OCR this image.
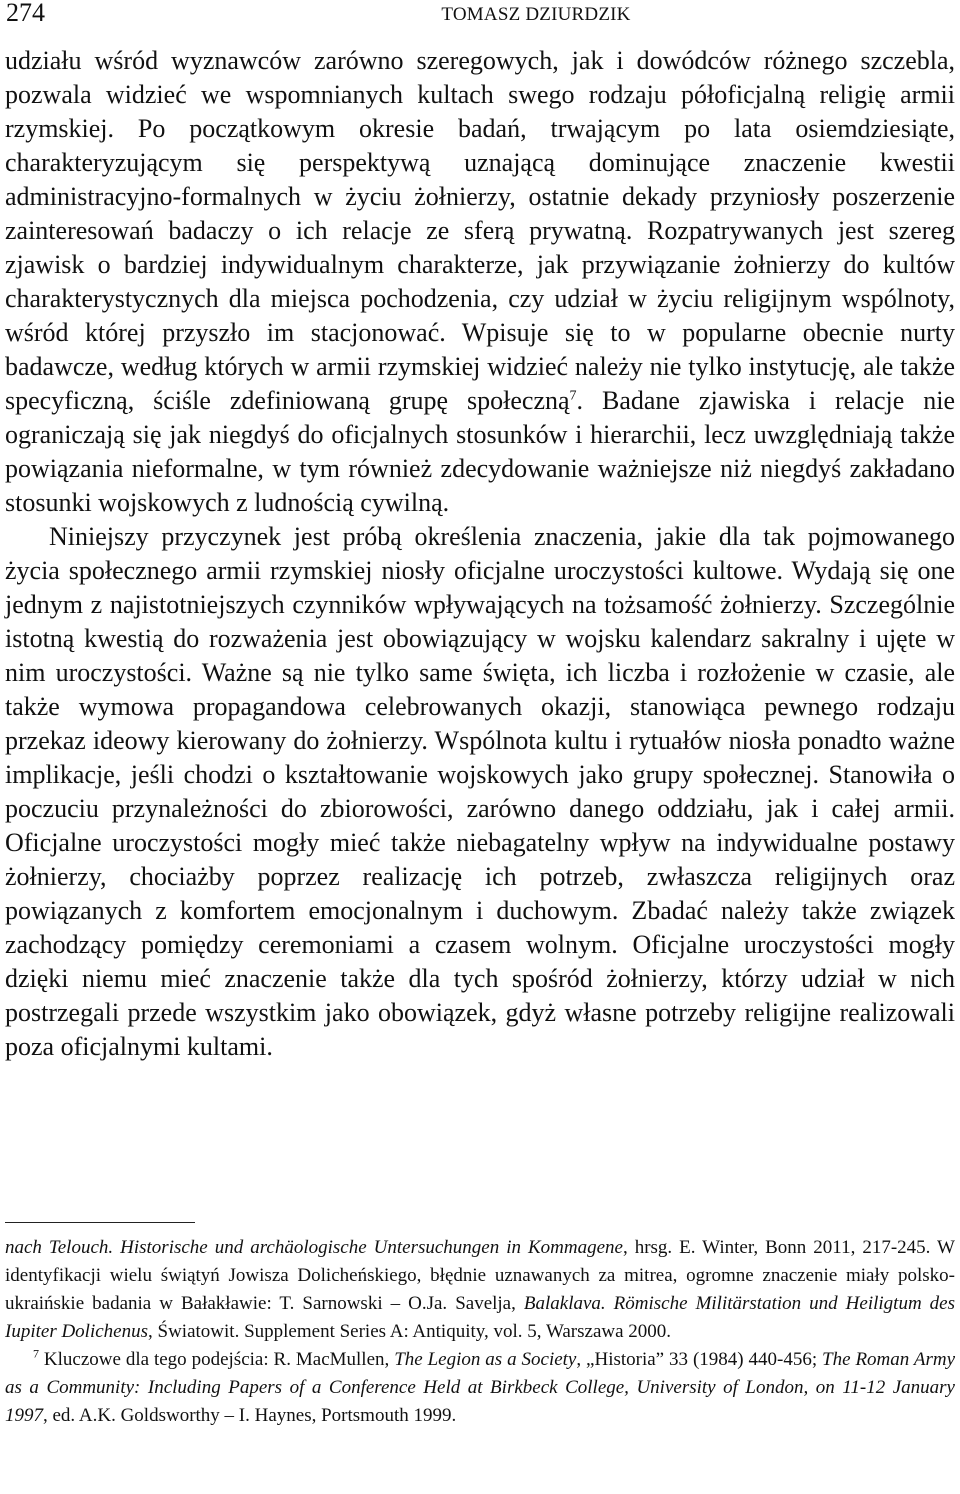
274	TOMASZ DZIURDZIK

udziału wśród wyznawców zarówno szeregowych, jak i dowódców różnego szczebla, pozwala widzieć we wspomnianych kultach swego rodzaju półoficjalną religię armii rzymskiej. Po początkowym okresie badań, trwającym po lata osiemdziesiąte, charakteryzującym się perspektywą uznającą dominujące znaczenie kwestii administracyjno-formalnych w życiu żołnierzy, ostatnie dekady przyniosły poszerzenie zainteresowań badaczy o ich relacje ze sferą prywatną. Rozpatrywanych jest szereg zjawisk o bardziej indywidualnym charakterze, jak przywiązanie żołnierzy do kultów charakterystycznych dla miejsca pochodzenia, czy udział w życiu religijnym wspólnoty, wśród której przyszło im stacjonować. Wpisuje się to w popularne obecnie nurty badawcze, według których w armii rzymskiej widzieć należy nie tylko instytucję, ale także specyficzną, ściśle zdefiniowaną grupę społeczną$^7$. Badane zjawiska i relacje nie ograniczają się jak niegdyś do oficjalnych stosunków i hierarchii, lecz uwzględniają także powiązania nieformalne, w tym również zdecydowanie ważniejsze niż niegdyś zakładano stosunki wojskowych z ludnością cywilną.

Niniejszy przyczynek jest próbą określenia znaczenia, jakie dla tak pojmowanego życia społecznego armii rzymskiej niosły oficjalne uroczystości kultowe. Wydają się one jednym z najistotniejszych czynników wpływających na tożsamość żołnierzy. Szczególnie istotną kwestią do rozważenia jest obowiązujący w wojsku kalendarz sakralny i ujęte w nim uroczystości. Ważne są nie tylko same święta, ich liczba i rozłożenie w czasie, ale także wymowa propagandowa celebrowanych okazji, stanowiąca pewnego rodzaju przekaz ideowy kierowany do żołnierzy. Wspólnota kultu i rytuałów niosła ponadto ważne implikacje, jeśli chodzi o kształtowanie wojskowych jako grupy społecznej. Stanowiła o poczuciu przynależności do zbiorowości, zarówno danego oddziału, jak i całej armii. Oficjalne uroczystości mogły mieć także niebagatelny wpływ na indywidualne postawy żołnierzy, chociażby poprzez realizację ich potrzeb, zwłaszcza religijnych oraz powiązanych z komfortem emocjonalnym i duchowym. Zbadać należy także związek zachodzący pomiędzy ceremoniami a czasem wolnym. Oficjalne uroczystości mogły dzięki niemu mieć znaczenie także dla tych spośród żołnierzy, którzy udział w nich postrzegali przede wszystkim jako obowiązek, gdyż własne potrzeby religijne realizowali poza oficjalnymi kultami.

nach Telouch. Historische und archäologische Untersuchungen in Kommagene, hrsg. E. Winter, Bonn 2011, 217-245. W identyfikacji wielu świątyń Jowisza Dolicheńskiego, błędnie uznawanych za mitrea, ogromne znaczenie miały polsko-ukraińskie badania w Bałakławie: T. Sarnowski – O.Ja. Savelja, Balaklava. Römische Militärstation und Heiligtum des Iupiter Dolichenus, Światowit. Supplement Series A: Antiquity, vol. 5, Warszawa 2000.

$^7$ Kluczowe dla tego podejścia: R. MacMullen, The Legion as a Society, „Historia” 33 (1984) 440-456; The Roman Army as a Community: Including Papers of a Conference Held at Birkbeck College, University of London, on 11-12 January 1997, ed. A.K. Goldsworthy – I. Haynes, Portsmouth 1999.
